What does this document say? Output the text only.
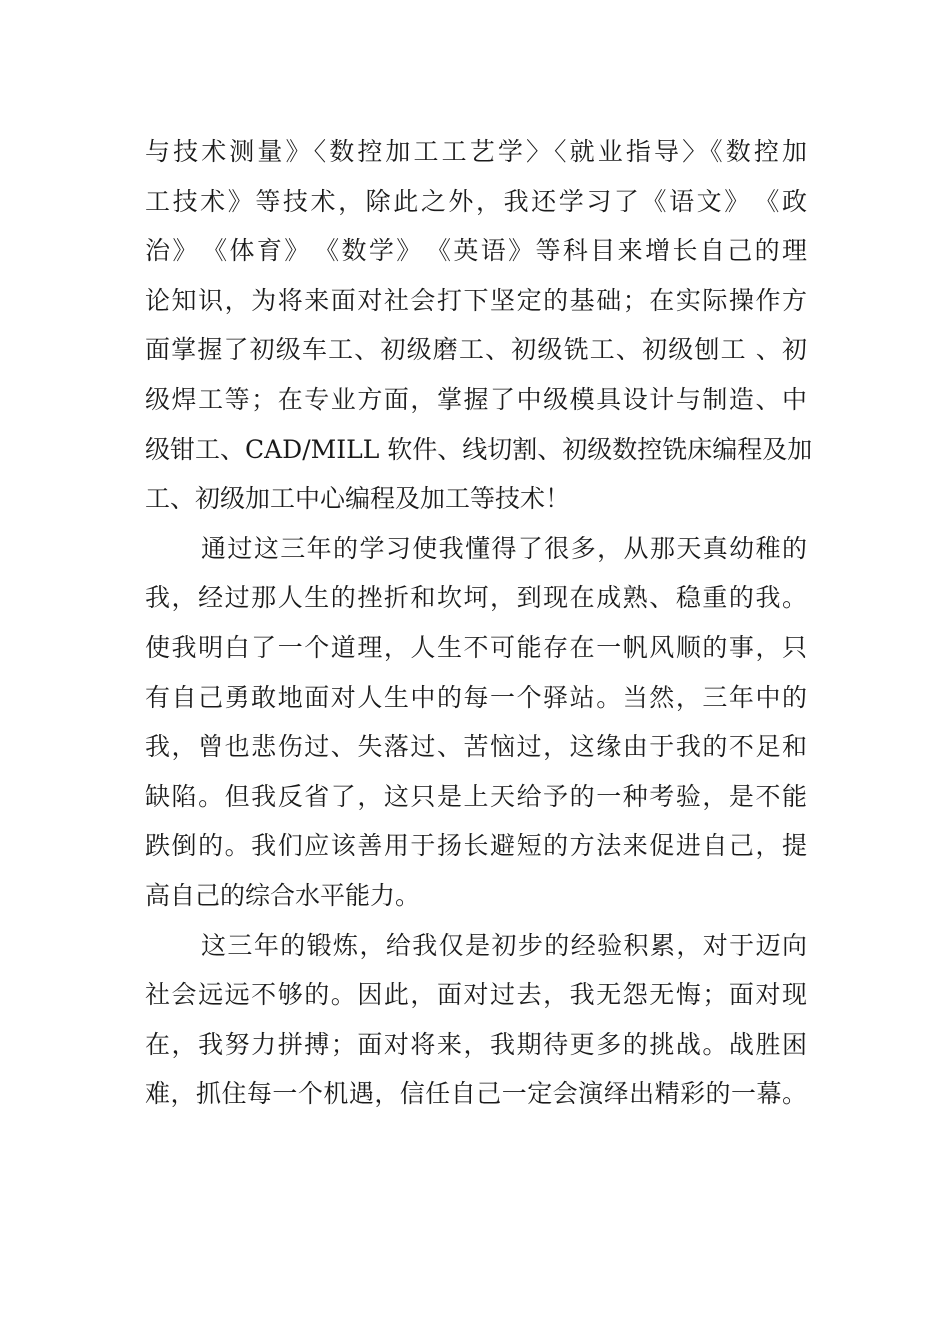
与技术测量》〈数控加工工艺学〉〈就业指导〉《数控加
工技术》等技术，除此之外，我还学习了《语文》　《政
治》　《体育》　《数学》　《英语》等科目来增长自己的理
论知识，为将来面对社会打下坚定的基础；在实际操作方
面掌握了初级车工、初级磨工、初级铣工、初级刨工 、初
级焊工等；在专业方面，掌握了中级模具设计与制造、中
级钳工、CAD/MILL 软件、线切割、初级数控铣床编程及加
工、初级加工中心编程及加工等技术！
通过这三年的学习使我懂得了很多，从那天真幼稚的
我，经过那人生的挫折和坎坷，到现在成熟、稳重的我。
使我明白了一个道理，人生不可能存在一帆风顺的事，只
有自己勇敢地面对人生中的每一个驿站。当然，三年中的
我，曾也悲伤过、失落过、苦恼过，这缘由于我的不足和
缺陷。但我反省了，这只是上天给予的一种考验，是不能
跌倒的。我们应该善用于扬长避短的方法来促进自己，提
高自己的综合水平能力。
这三年的锻炼，给我仅是初步的经验积累，对于迈向
社会远远不够的。因此，面对过去，我无怨无悔；面对现
在，我努力拼搏；面对将来，我期待更多的挑战。战胜困
难，抓住每一个机遇，信任自己一定会演绎出精彩的一幕。
